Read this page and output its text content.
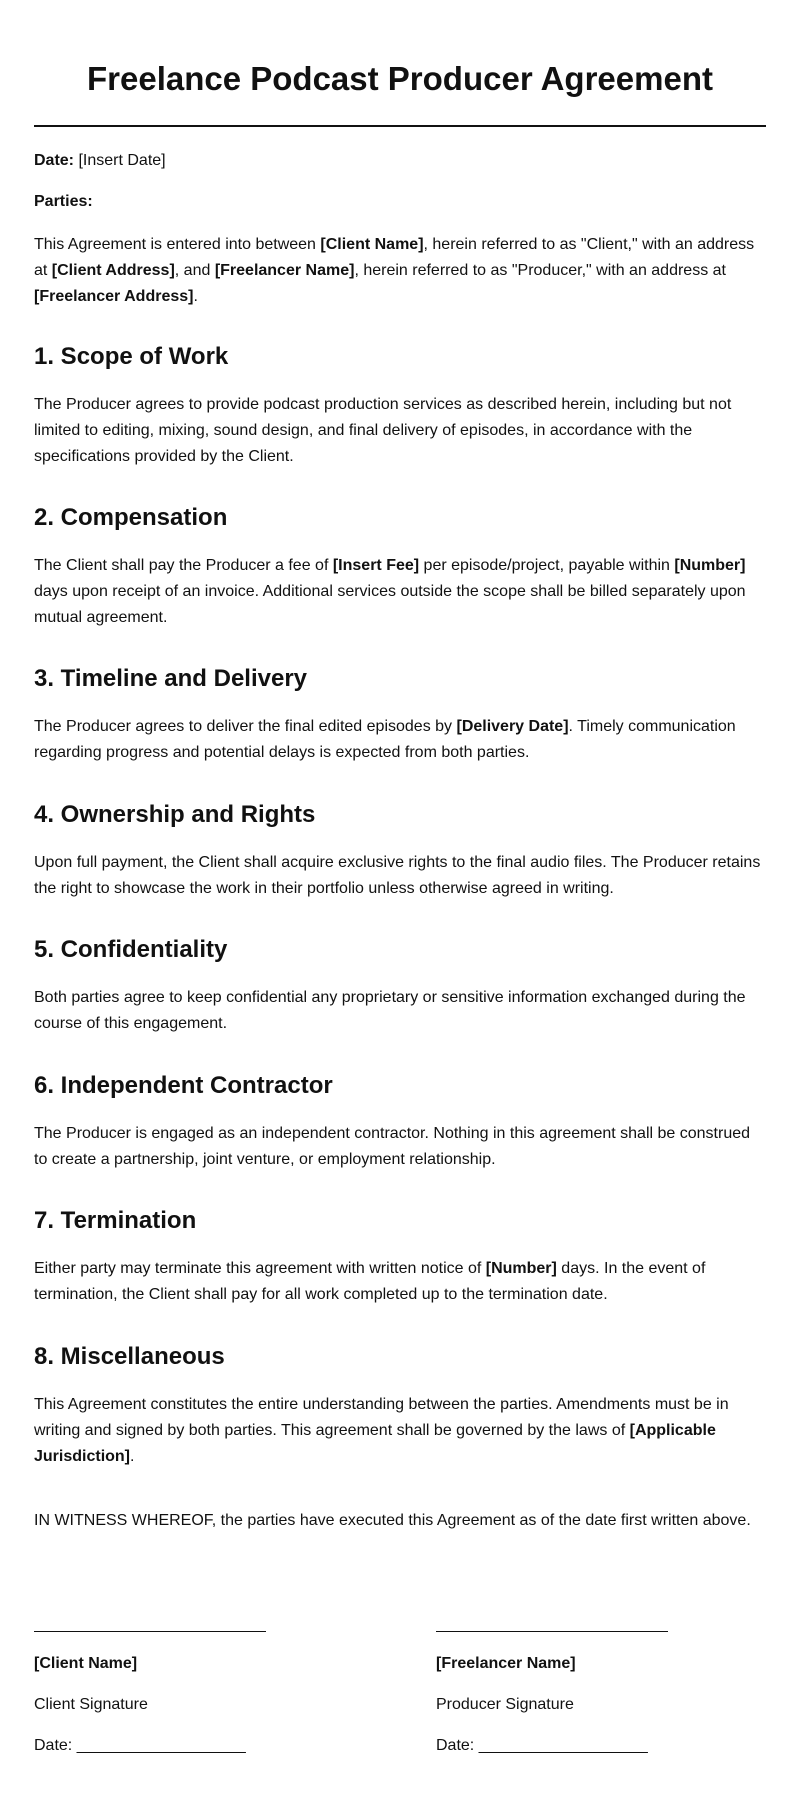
Freelance Podcast Producer Agreement

Date: [Insert Date]

Parties:

This Agreement is entered into between [Client Name], herein referred to as "Client," with an address
at [Client Address], and [Freelancer Name], herein referred to as "Producer," with an address at
[Freelancer Address].

1. Scope of Work

The Producer agrees to provide podcast production services as described herein, including but not limited to editing, mixing, sound design, and final delivery of episodes, in accordance with the specifications provided by the Client.

2. Compensation

The Client shall pay the Producer a fee of [Insert Fee] per episode/project, payable within [Number] days upon receipt of an invoice. Additional services outside the scope shall be billed separately upon mutual agreement.

3. Timeline and Delivery

The Producer agrees to deliver the final edited episodes by [Delivery Date]. Timely communication regarding progress and potential delays is expected from both parties.

4. Ownership and Rights

Upon full payment, the Client shall acquire exclusive rights to the final audio files. The Producer retains the right to showcase the work in their portfolio unless otherwise agreed in writing.

5. Confidentiality

Both parties agree to keep confidential any proprietary or sensitive information exchanged during the course of this engagement.

6. Independent Contractor

The Producer is engaged as an independent contractor. Nothing in this agreement shall be construed to create a partnership, joint venture, or employment relationship.

7. Termination

Either party may terminate this agreement with written notice of [Number] days. In the event of termination, the Client shall pay for all work completed up to the termination date.

8. Miscellaneous

This Agreement constitutes the entire understanding between the parties. Amendments must be in writing and signed by both parties. This agreement shall be governed by the laws of [Applicable Jurisdiction].

IN WITNESS WHEREOF, the parties have executed this Agreement as of the date first written above.

[Client Name]

Client Signature

Date: ___________________

[Freelancer Name]

Producer Signature

Date: ___________________
